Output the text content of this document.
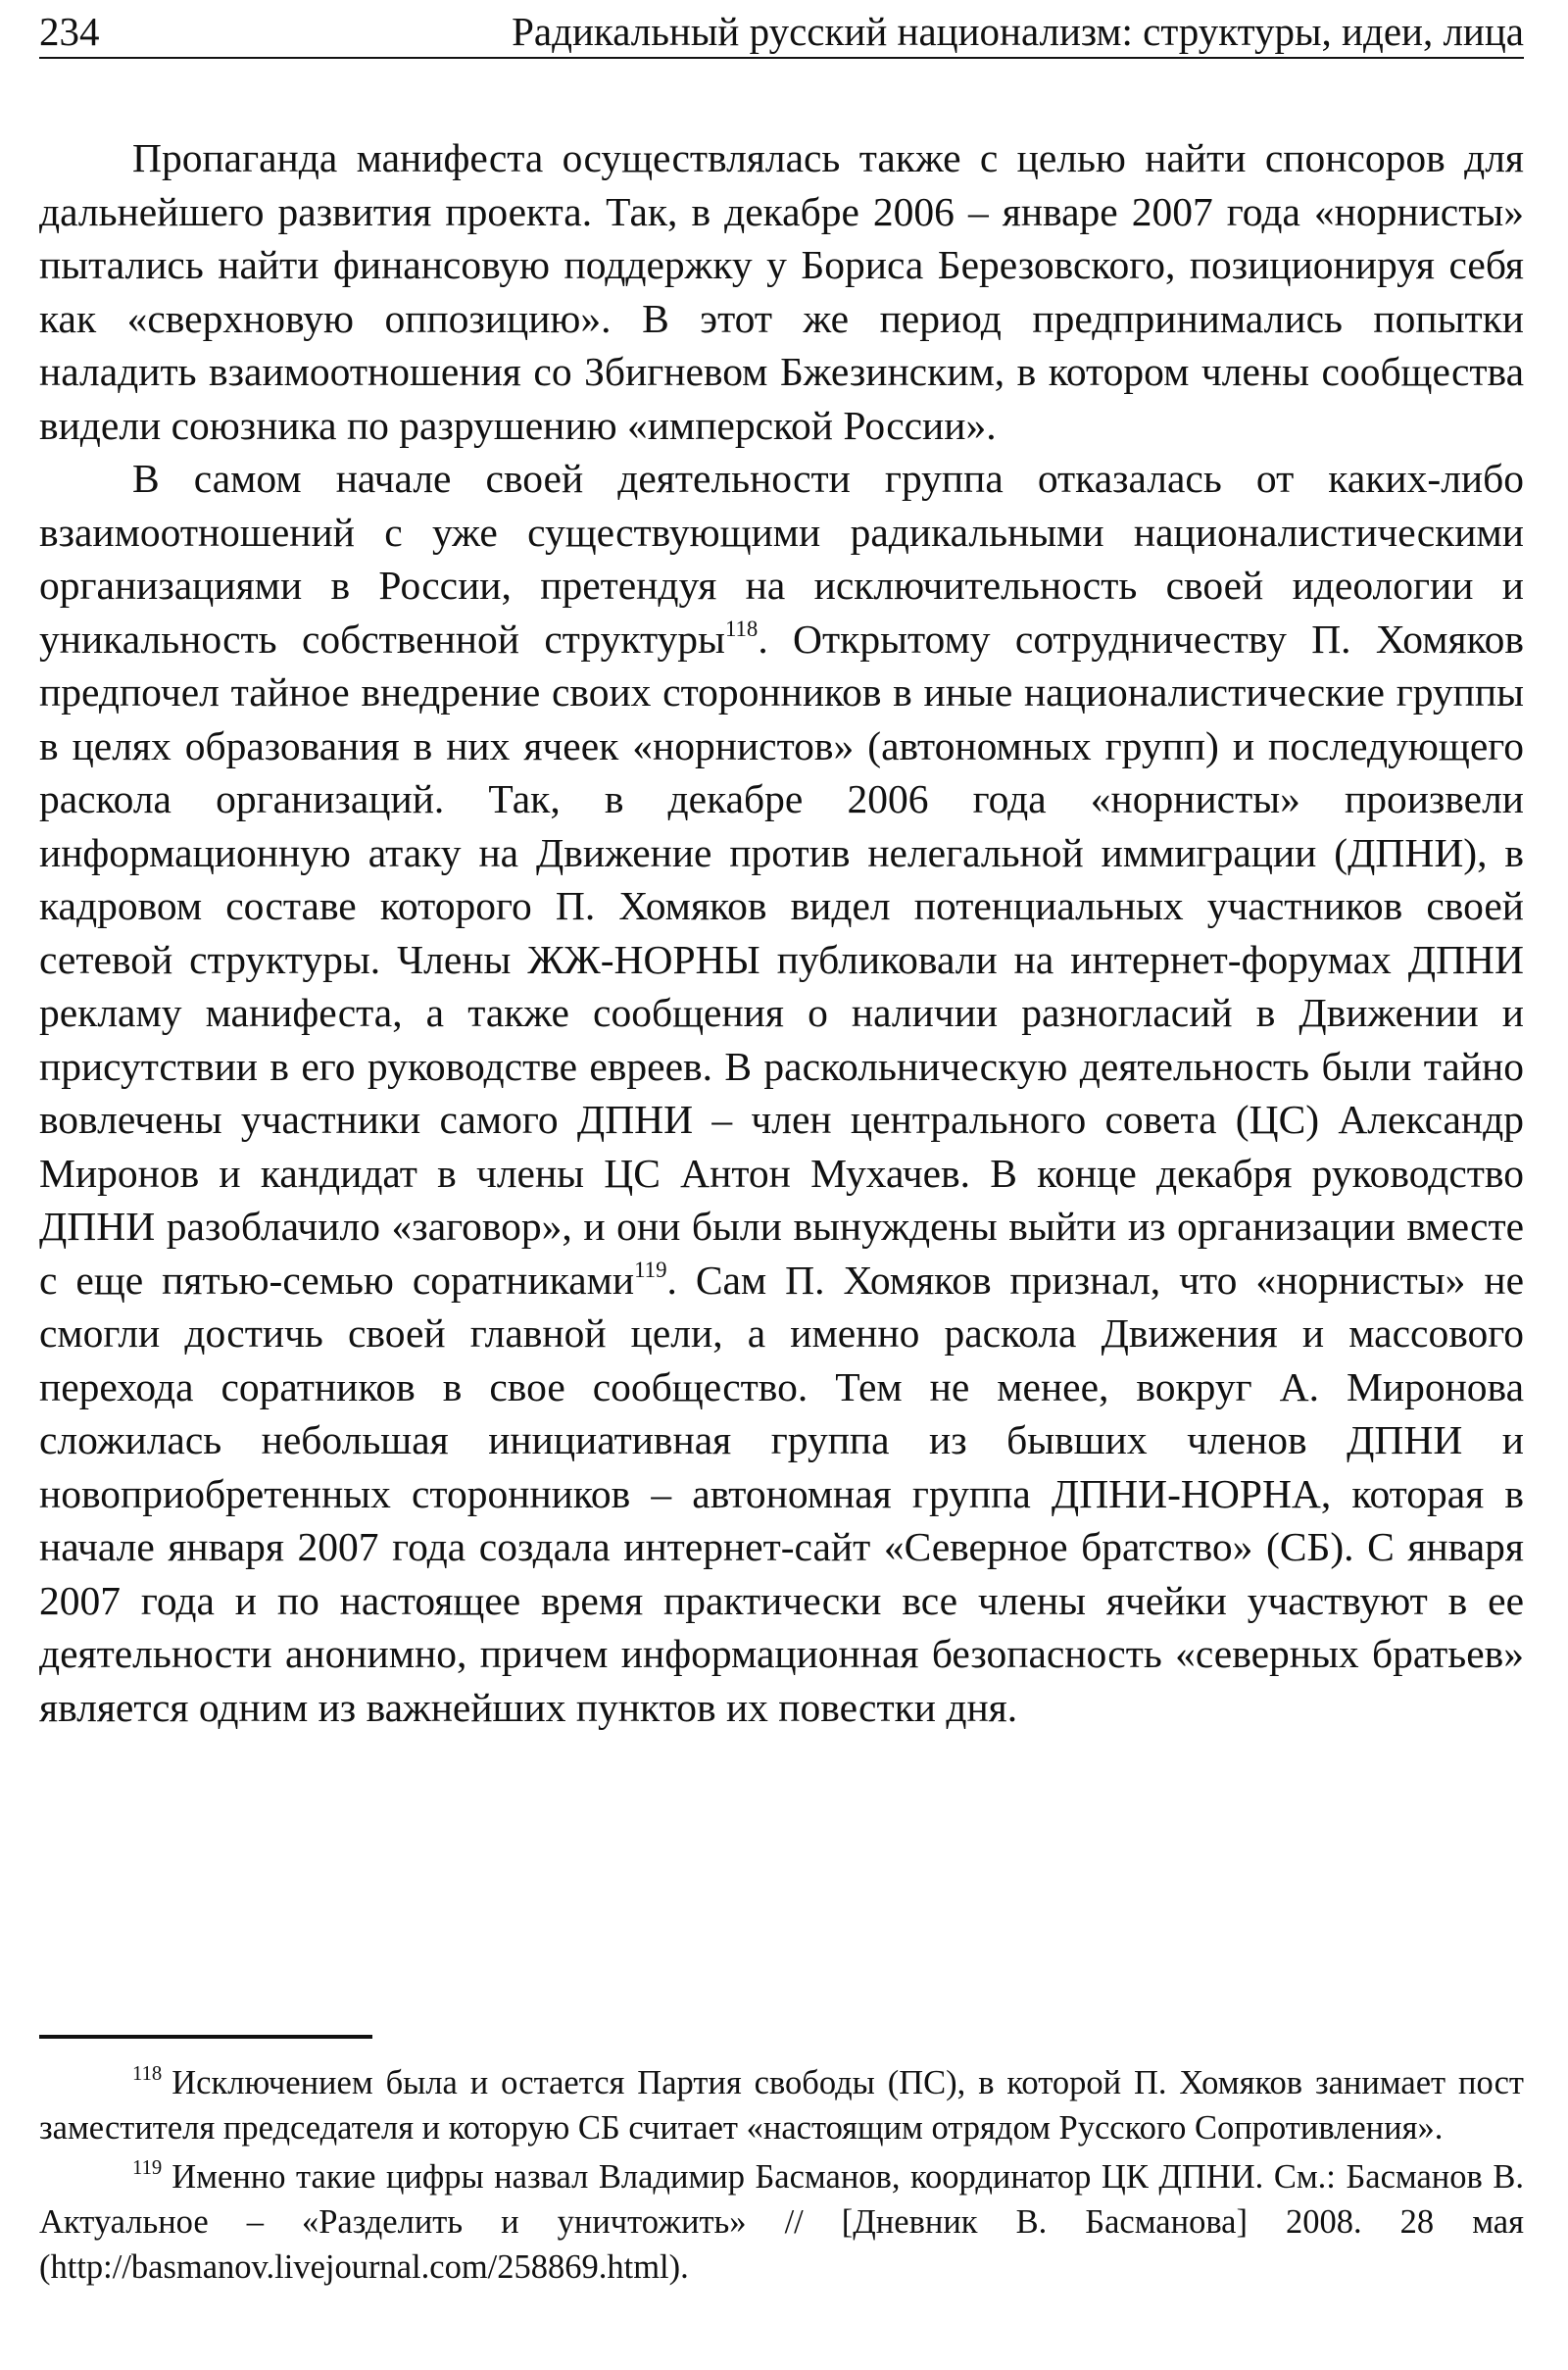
234	Радикальный русский национализм: структуры, идеи, лица

Пропаганда манифеста осуществлялась также с целью найти спонсоров для дальнейшего развития проекта. Так, в декабре 2006 – январе 2007 года «норнисты» пытались найти финансовую поддержку у Бориса Березовского, позиционируя себя как «сверхновую оппозицию». В этот же период предпринимались попытки наладить взаимоотношения со Збигневом Бжезинским, в котором члены сообщества видели союзника по разрушению «имперской России».

В самом начале своей деятельности группа отказалась от каких-либо взаимоотношений с уже существующими радикальными националистическими организациями в России, претендуя на исключительность своей идеологии и уникальность собственной структуры$^{118}$. Открытому сотрудничеству П. Хомяков предпочел тайное внедрение своих сторонников в иные националистические группы в целях образования в них ячеек «норнистов» (автономных групп) и последующего раскола организаций. Так, в декабре 2006 года «норнисты» произвели информационную атаку на Движение против нелегальной иммиграции (ДПНИ), в кадровом составе которого П. Хомяков видел потенциальных участников своей сетевой структуры. Члены ЖЖ-НОРНЫ публиковали на интернет-форумах ДПНИ рекламу манифеста, а также сообщения о наличии разногласий в Движении и присутствии в его руководстве евреев. В раскольническую деятельность были тайно вовлечены участники самого ДПНИ – член центрального совета (ЦС) Александр Миронов и кандидат в члены ЦС Антон Мухачев. В конце декабря руководство ДПНИ разоблачило «заговор», и они были вынуждены выйти из организации вместе с еще пятью-семью соратниками$^{119}$. Сам П. Хомяков признал, что «норнисты» не смогли достичь своей главной цели, а именно раскола Движения и массового перехода соратников в свое сообщество. Тем не менее, вокруг А. Миронова сложилась небольшая инициативная группа из бывших членов ДПНИ и новоприобретенных сторонников – автономная группа ДПНИ-НОРНА, которая в начале января 2007 года создала интернет-сайт «Северное братство» (СБ). С января 2007 года и по настоящее время практически все члены ячейки участвуют в ее деятельности анонимно, причем информационная безопасность «северных братьев» является одним из важнейших пунктов их повестки дня.

$^{118}$ Исключением была и остается Партия свободы (ПС), в которой П. Хомяков занимает пост заместителя председателя и которую СБ считает «настоящим отрядом Русского Сопротивления».

$^{119}$ Именно такие цифры назвал Владимир Басманов, координатор ЦК ДПНИ. См.: Басманов В. Актуальное – «Разделить и уничтожить» // [Дневник В. Басманова] 2008. 28 мая (http://basmanov.livejournal.com/258869.html).
